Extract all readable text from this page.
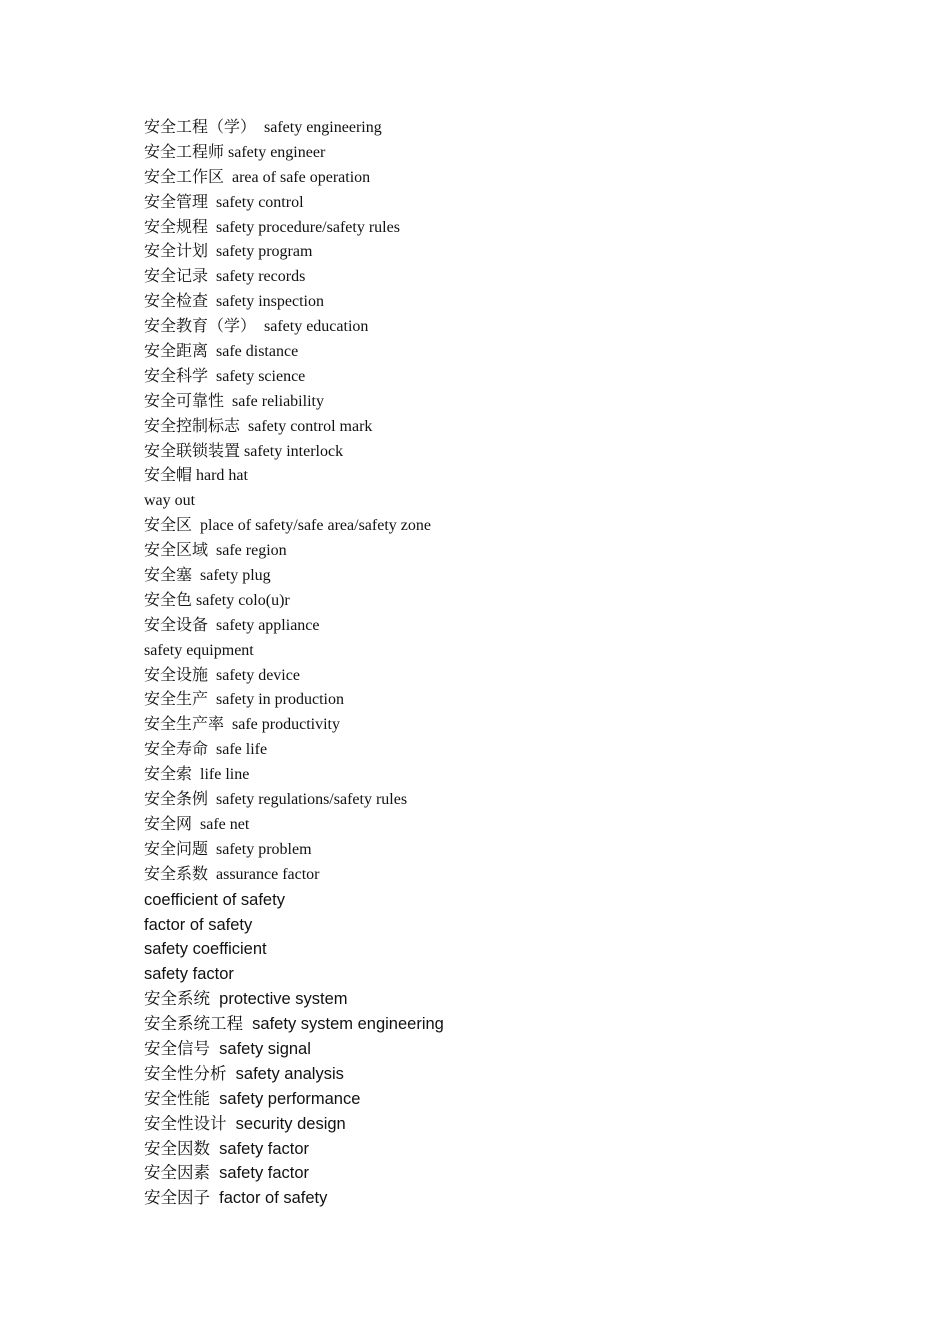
安全工程（学）  safety engineering
安全工程师 safety engineer
安全工作区  area of safe operation
安全管理  safety control
安全规程  safety procedure/safety rules
安全计划  safety program
安全记录  safety records
安全检查  safety inspection
安全教育（学）  safety education
安全距离  safe distance
安全科学  safety science
安全可靠性  safe reliability
安全控制标志  safety control mark
安全联锁装置 safety interlock
安全帽 hard hat
way out
安全区  place of safety/safe area/safety zone
安全区域  safe region
安全塞  safety plug
安全色 safety colo(u)r
安全设备  safety appliance
safety equipment
安全设施  safety device
安全生产  safety in production
安全生产率  safe productivity
安全寿命  safe life
安全索  life line
安全条例  safety regulations/safety rules
安全网  safe net
安全问题  safety problem
安全系数  assurance factor
coefficient of safety
factor of safety
safety coefficient
safety factor
安全系统  protective system
安全系统工程  safety system engineering
安全信号  safety signal
安全性分析  safety analysis
安全性能  safety performance
安全性设计  security design
安全因数  safety factor
安全因素  safety factor
安全因子  factor of safety
